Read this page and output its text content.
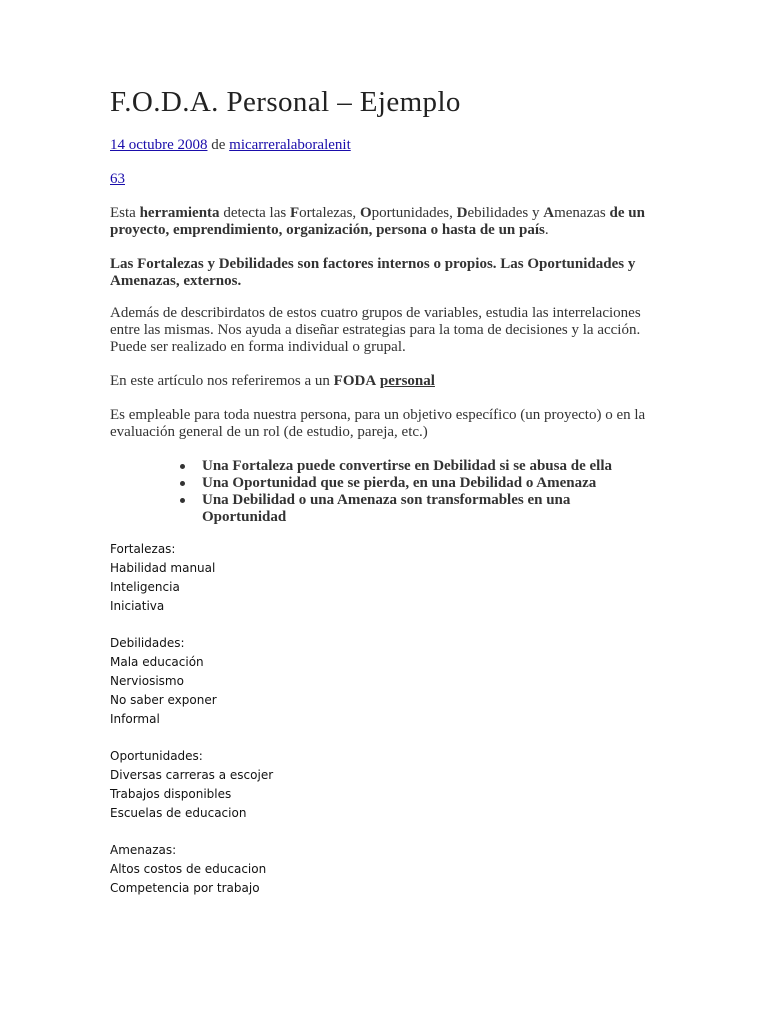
F.O.D.A. Personal – Ejemplo
14 octubre 2008 de micarreralaboralenit
63

Esta herramienta detecta las Fortalezas, Oportunidades, Debilidades y Amenazas de un proyecto, emprendimiento, organización, persona o hasta de un país.

Las Fortalezas y Debilidades son factores internos o propios. Las Oportunidades y Amenazas, externos.

Además de describirdatos de estos cuatro grupos de variables, estudia las interrelaciones entre las mismas. Nos ayuda a diseñar estrategias para la toma de decisiones y la acción. Puede ser realizado en forma individual o grupal.

En este artículo nos referiremos a un FODA personal

Es empleable para toda nuestra persona, para un objetivo específico (un proyecto) o en la evaluación general de un rol (de estudio, pareja, etc.)

Una Fortaleza puede convertirse en Debilidad si se abusa de ella
Una Oportunidad que se pierda, en una Debilidad o Amenaza
Una Debilidad o una Amenaza son transformables en una Oportunidad
Fortalezas:
Habilidad manual
Inteligencia
Iniciativa
Debilidades:
Mala educación
Nerviosismo
No saber exponer
Informal
Oportunidades:
Diversas carreras a escojer
Trabajos disponibles
Escuelas de educacion
Amenazas:
Altos costos de educacion
Competencia por trabajo
